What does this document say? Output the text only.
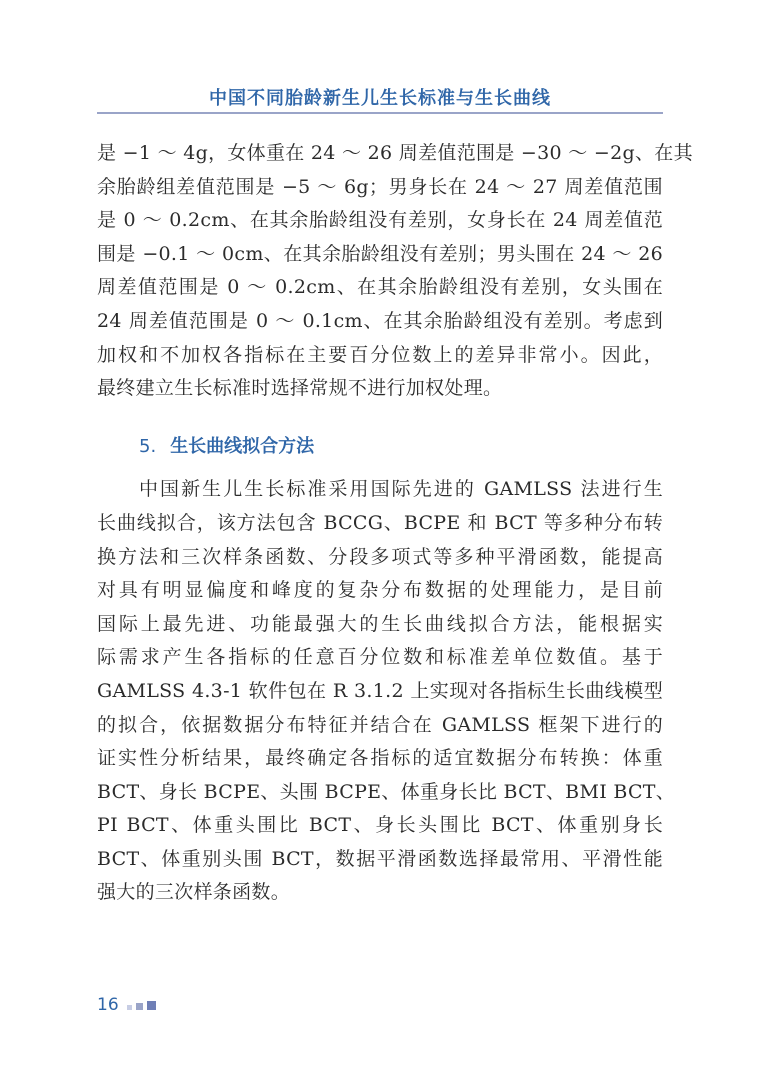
中国不同胎龄新生儿生长标准与生长曲线
是 −1 ～ 4g，女体重在 24 ～ 26 周差值范围是 −30 ～ −2g、在其
余胎龄组差值范围是 −5 ～ 6g；男身长在 24 ～ 27 周差值范围
是 0 ～ 0.2cm、在其余胎龄组没有差别，女身长在 24 周差值范
围是 −0.1 ～ 0cm、在其余胎龄组没有差别；男头围在 24 ～ 26
周差值范围是 0 ～ 0.2cm、在其余胎龄组没有差别，女头围在
24 周差值范围是 0 ～ 0.1cm、在其余胎龄组没有差别。考虑到
加权和不加权各指标在主要百分位数上的差异非常小。因此，
最终建立生长标准时选择常规不进行加权处理。
5. 生长曲线拟合方法
中国新生儿生长标准采用国际先进的 GAMLSS 法进行生
长曲线拟合，该方法包含 BCCG、BCPE 和 BCT 等多种分布转
换方法和三次样条函数、分段多项式等多种平滑函数，能提高
对具有明显偏度和峰度的复杂分布数据的处理能力，是目前
国际上最先进、功能最强大的生长曲线拟合方法，能根据实
际需求产生各指标的任意百分位数和标准差单位数值。基于
GAMLSS 4.3-1 软件包在 R 3.1.2 上实现对各指标生长曲线模型
的拟合，依据数据分布特征并结合在 GAMLSS 框架下进行的
证实性分析结果，最终确定各指标的适宜数据分布转换：体重
BCT、身长 BCPE、头围 BCPE、体重身长比 BCT、BMI BCT、
PI BCT、体重头围比 BCT、身长头围比 BCT、体重别身长
BCT、体重别头围 BCT，数据平滑函数选择最常用、平滑性能
强大的三次样条函数。
16
